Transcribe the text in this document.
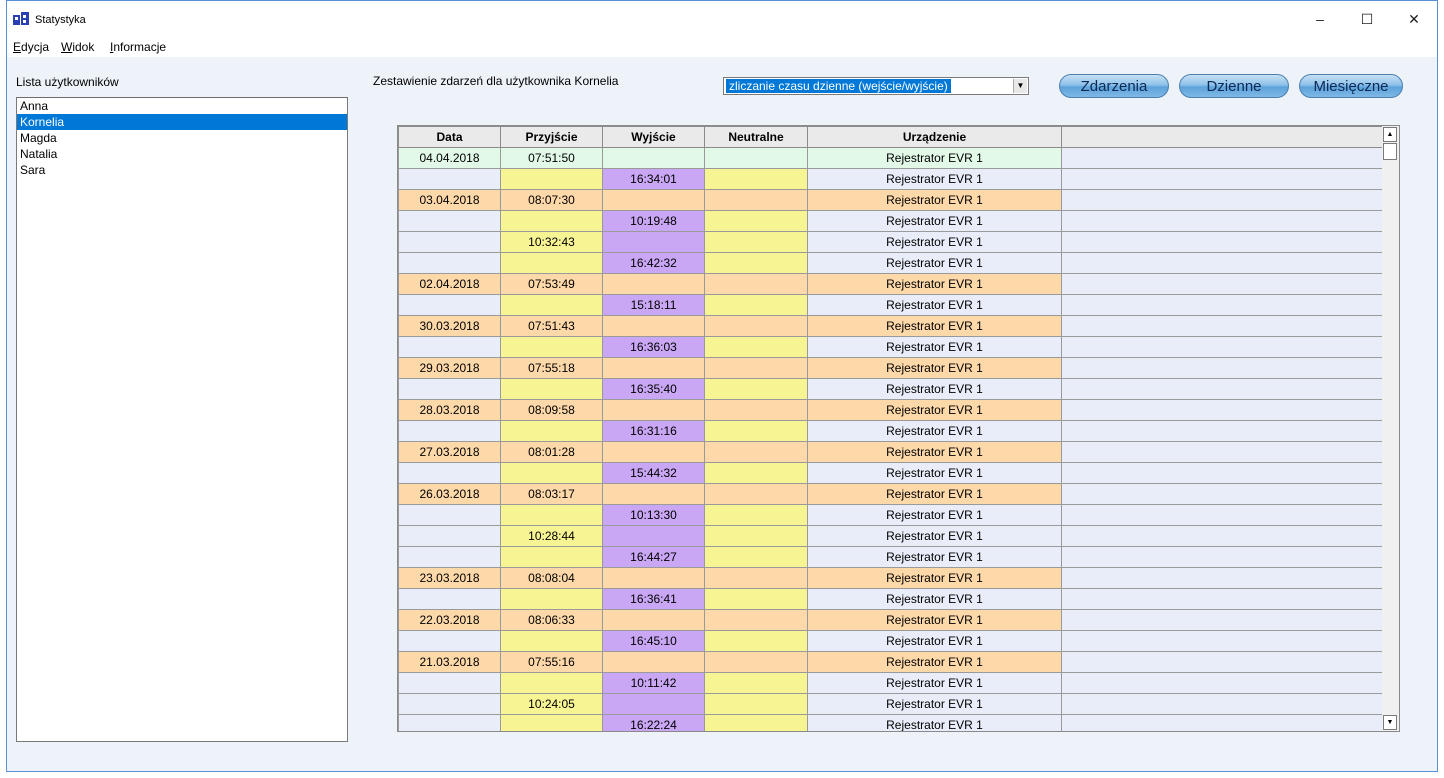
Statystyka	–	☐	✕
Edycja Widok Informacje
Lista użytkowników
Anna
Kornelia
Magda
Natalia
Sara
Zestawienie zdarzeń dla użytkownika Kornelia	zliczanie czasu dzienne (wejście/wyjście)	▼	Zdarzenia	Dzienne	Miesięczne
Data	Przyjście	Wyjście	Neutralne	Urządzenie	
04.04.2018	07:51:50			Rejestrator EVR 1	
		16:34:01		Rejestrator EVR 1	
03.04.2018	08:07:30			Rejestrator EVR 1	
		10:19:48		Rejestrator EVR 1	
	10:32:43			Rejestrator EVR 1	
		16:42:32		Rejestrator EVR 1	
02.04.2018	07:53:49			Rejestrator EVR 1	
		15:18:11		Rejestrator EVR 1	
30.03.2018	07:51:43			Rejestrator EVR 1	
		16:36:03		Rejestrator EVR 1	
29.03.2018	07:55:18			Rejestrator EVR 1	
		16:35:40		Rejestrator EVR 1	
28.03.2018	08:09:58			Rejestrator EVR 1	
		16:31:16		Rejestrator EVR 1	
27.03.2018	08:01:28			Rejestrator EVR 1	
		15:44:32		Rejestrator EVR 1	
26.03.2018	08:03:17			Rejestrator EVR 1	
		10:13:30		Rejestrator EVR 1	
	10:28:44			Rejestrator EVR 1	
		16:44:27		Rejestrator EVR 1	
23.03.2018	08:08:04			Rejestrator EVR 1	
		16:36:41		Rejestrator EVR 1	
22.03.2018	08:06:33			Rejestrator EVR 1	
		16:45:10		Rejestrator EVR 1	
21.03.2018	07:55:16			Rejestrator EVR 1	
		10:11:42		Rejestrator EVR 1	
	10:24:05			Rejestrator EVR 1	
		16:22:24		Rejestrator EVR 1	
▲
▼
